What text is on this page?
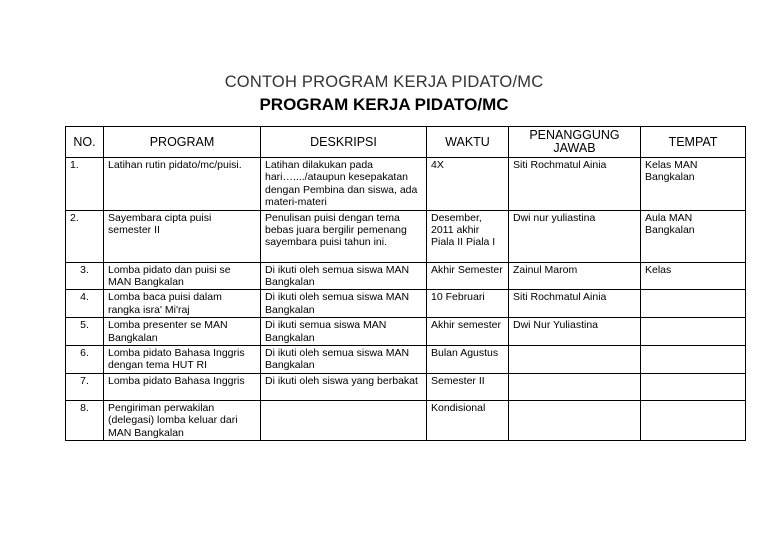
CONTOH PROGRAM KERJA PIDATO/MC
PROGRAM KERJA PIDATO/MC
NO.	PROGRAM	DESKRIPSI	WAKTU	PENANGGUNG JAWAB	TEMPAT
1.	Latihan rutin pidato/mc/puisi.	Latihan dilakukan pada hari…..../ataupun kesepakatan dengan Pembina dan siswa, ada materi-materi	4X	Siti Rochmatul Ainia	Kelas MAN Bangkalan
2.	Sayembara cipta puisi semester II	Penulisan puisi dengan tema bebas juara bergilir pemenang sayembara puisi tahun ini.	Desember, 2011 akhir Piala II Piala I	Dwi nur yuliastina	Aula MAN Bangkalan
3.	Lomba pidato dan puisi se MAN Bangkalan	Di ikuti oleh semua siswa MAN Bangkalan	Akhir Semester	Zainul Marom	Kelas
4.	Lomba baca puisi dalam rangka isra' Mi'raj	Di ikuti oleh semua siswa MAN Bangkalan	10 Februari	Siti Rochmatul Ainia	
5.	Lomba presenter se MAN Bangkalan	Di ikuti semua siswa MAN Bangkalan	Akhir semester	Dwi Nur Yuliastina	
6.	Lomba pidato Bahasa Inggris dengan tema HUT RI	Di ikuti oleh semua siswa MAN Bangkalan	Bulan Agustus		
7.	Lomba pidato Bahasa Inggris	Di ikuti oleh siswa yang berbakat	Semester II		
8.	Pengiriman perwakilan (delegasi) lomba keluar dari MAN Bangkalan		Kondisional		
